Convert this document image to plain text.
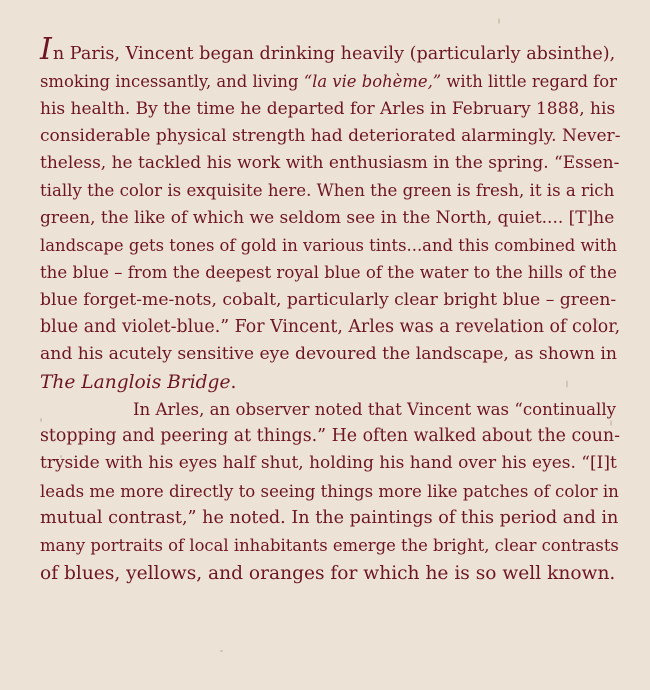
In Paris, Vincent began drinking heavily (particularly absinthe),
smoking incessantly, and living “la vie bohème,” with little regard for
his health. By the time he departed for Arles in February 1888, his
considerable physical strength had deteriorated alarmingly. Never-
theless, he tackled his work with enthusiasm in the spring. “Essen-
tially the color is exquisite here. When the green is fresh, it is a rich
green, the like of which we seldom see in the North, quiet.... [T]he
landscape gets tones of gold in various tints...and this combined with
the blue – from the deepest royal blue of the water to the hills of the
blue forget-me-nots, cobalt, particularly clear bright blue – green-
blue and violet-blue.” For Vincent, Arles was a revelation of color,
and his acutely sensitive eye devoured the landscape, as shown in
The Langlois Bridge.
In Arles, an observer noted that Vincent was “continually
stopping and peering at things.” He often walked about the coun-
tryside with his eyes half shut, holding his hand over his eyes. “[I]t
leads me more directly to seeing things more like patches of color in
mutual contrast,” he noted. In the paintings of this period and in
many portraits of local inhabitants emerge the bright, clear contrasts
of blues, yellows, and oranges for which he is so well known.
